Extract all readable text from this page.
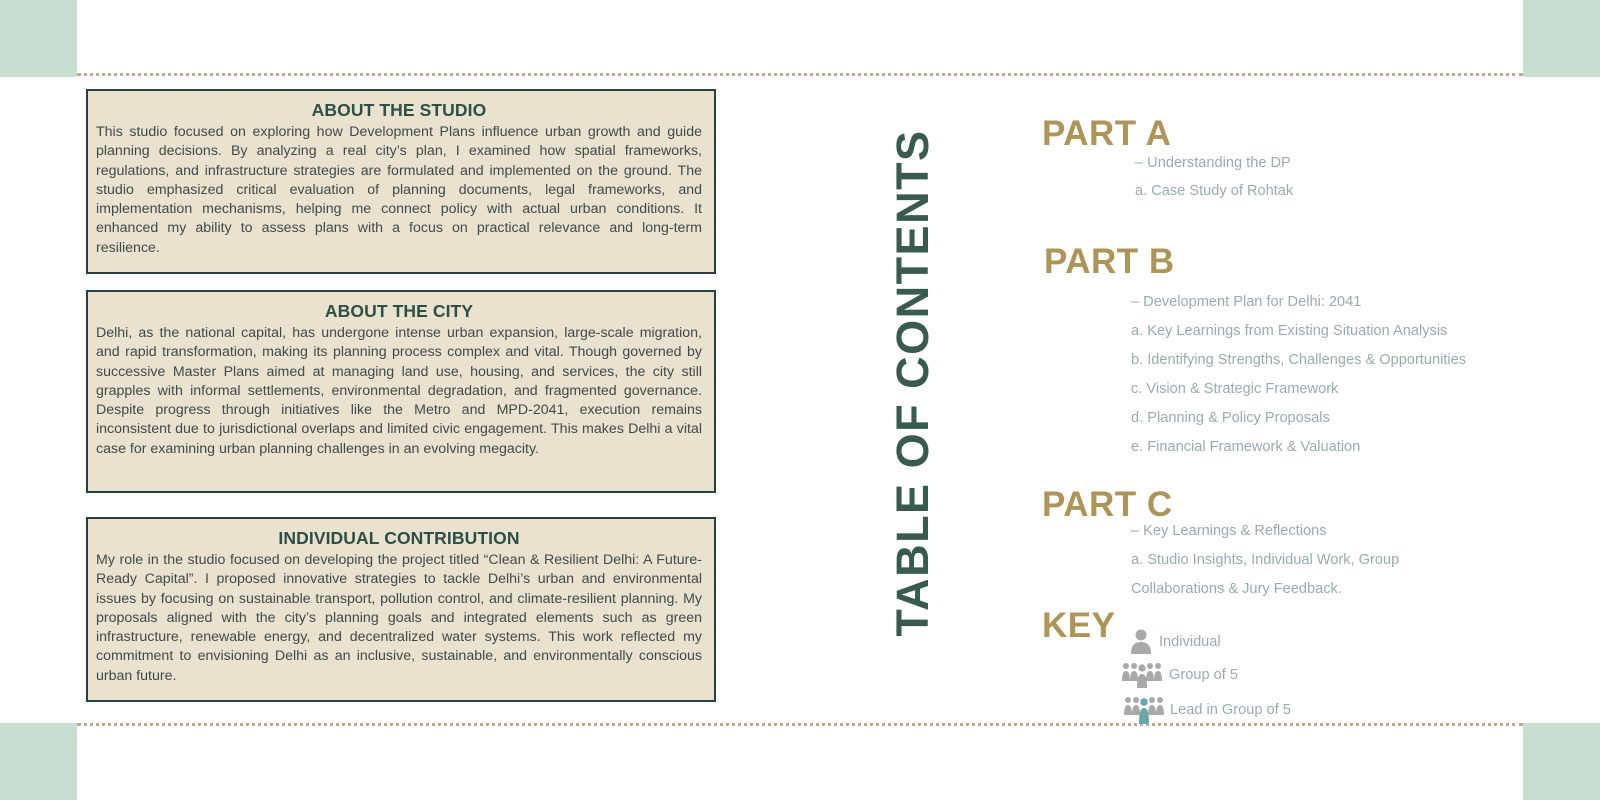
ABOUT THE STUDIO

This studio focused on exploring how Development Plans influence urban growth and guide planning decisions. By analyzing a real city’s plan, I examined how spatial frameworks, regulations, and infrastructure strategies are formulated and implemented on the ground. The studio emphasized critical evaluation of planning documents, legal frameworks, and implementation mechanisms, helping me connect policy with actual urban conditions. It enhanced my ability to assess plans with a focus on practical relevance and long-term resilience.

ABOUT THE CITY

Delhi, as the national capital, has undergone intense urban expansion, large-scale migration, and rapid transformation, making its planning process complex and vital. Though governed by successive Master Plans aimed at managing land use, housing, and services, the city still grapples with informal settlements, environmental degradation, and fragmented governance. Despite progress through initiatives like the Metro and MPD-2041, execution remains inconsistent due to jurisdictional overlaps and limited civic engagement. This makes Delhi a vital case for examining urban planning challenges in an evolving megacity.

INDIVIDUAL CONTRIBUTION

My role in the studio focused on developing the project titled “Clean & Resilient Delhi: A Future-Ready Capital”. I proposed innovative strategies to tackle Delhi’s urban and environmental issues by focusing on sustainable transport, pollution control, and climate-resilient planning. My proposals aligned with the city’s planning goals and integrated elements such as green infrastructure, renewable energy, and decentralized water systems. This work reflected my commitment to envisioning Delhi as an inclusive, sustainable, and environmentally conscious urban future.

TABLE OF CONTENTS	PART A
– Understanding the DP
a. Case Study of Rohtak
PART B
– Development Plan for Delhi: 2041
a. Key Learnings from Existing Situation Analysis
b. Identifying Strengths, Challenges & Opportunities
c. Vision & Strategic Framework
d. Planning & Policy Proposals
e. Financial Framework & Valuation
PART C
– Key Learnings & Reflections
a. Studio Insights, Individual Work, Group
Collaborations & Jury Feedback.
KEY	Individual
Group of 5
Lead in Group of 5
